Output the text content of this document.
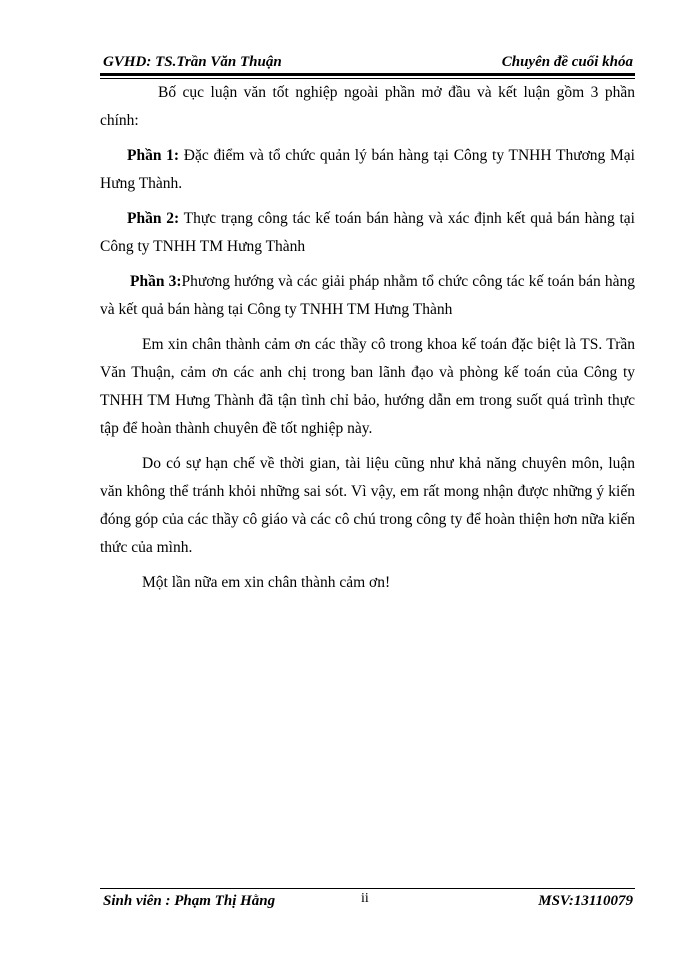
GVHD: TS.Trần Văn Thuận	Chuyên đề cuối khóa

Bố cục luận văn tốt nghiệp ngoài phần mở đầu và kết luận gồm 3 phần chính:

Phần 1: Đặc điểm và tổ chức quản lý bán hàng tại Công ty TNHH Thương Mại Hưng Thành.

Phần 2: Thực trạng công tác kế toán bán hàng và xác định kết quả bán hàng tại Công ty TNHH TM Hưng Thành

Phần 3:Phương hướng và các giải pháp nhằm tổ chức công tác kế toán bán hàng và kết quả bán hàng tại Công ty TNHH TM Hưng Thành

Em xin chân thành cảm ơn các thầy cô trong khoa kế toán đặc biệt là TS. Trần Văn Thuận, cảm ơn các anh chị trong ban lãnh đạo và phòng kế toán của Công ty TNHH TM Hưng Thành đã tận tình chỉ bảo, hướng dẫn em trong suốt quá trình thực tập để hoàn thành chuyên đề tốt nghiệp này.

Do có sự hạn chế về thời gian, tài liệu cũng như khả năng chuyên môn, luận văn không thể tránh khỏi những sai sót. Vì vậy, em rất mong nhận được những ý kiến đóng góp của các thầy cô giáo và các cô chú trong công ty để hoàn thiện hơn nữa kiến thức của mình.

Một lần nữa em xin chân thành cảm ơn!

Sinh viên : Phạm Thị Hằng	ii	MSV:13110079
